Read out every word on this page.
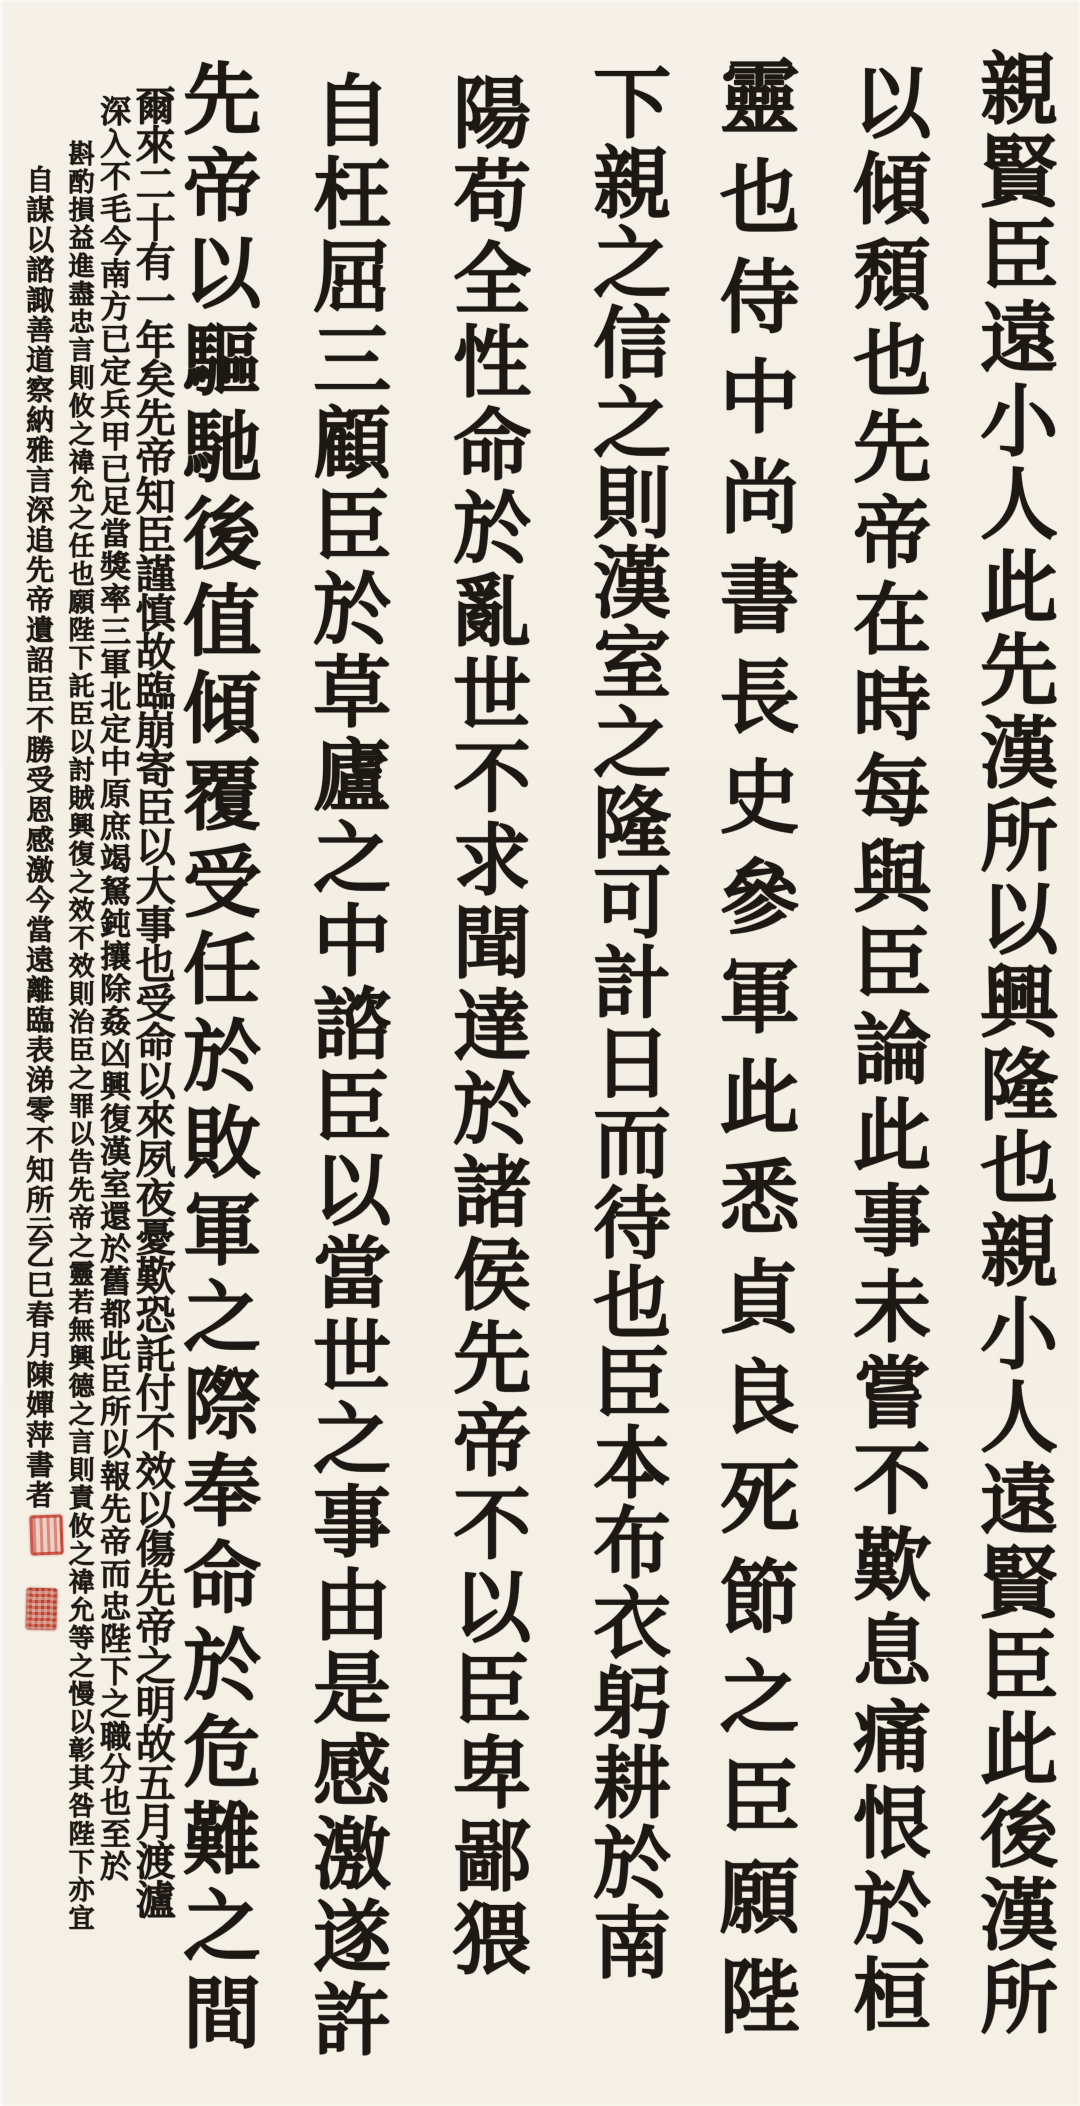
親賢臣遠小人此先漢所以興隆也親小人遠賢臣此後漢所
以傾頹也先帝在時每與臣論此事未嘗不歎息痛恨於桓
靈也侍中尚書長史參軍此悉貞良死節之臣願陛
下親之信之則漢室之隆可計日而待也臣本布衣躬耕於南
陽苟全性命於亂世不求聞達於諸侯先帝不以臣卑鄙猥
自枉屈三顧臣於草廬之中諮臣以當世之事由是感激遂許
先帝以驅馳後值傾覆受任於敗軍之際奉命於危難之間
爾來二十有一年矣先帝知臣謹慎故臨崩寄臣以大事也受命以來夙夜憂歎恐託付不效以傷先帝之明故五月渡瀘
深入不毛今南方已定兵甲已足當獎率三軍北定中原庶竭駑鈍攘除姦凶興復漢室還於舊都此臣所以報先帝而忠陛下之職分也至於
斟酌損益進盡忠言則攸之禕允之任也願陛下託臣以討賊興復之效不效則治臣之罪以告先帝之靈若無興德之言則責攸之禕允等之慢以彰其咎陛下亦宜
自謀以諮諏善道察納雅言深追先帝遺詔臣不勝受恩感激今當遠離臨表涕零不知所云
乙巳春月陳嬋萍書者
